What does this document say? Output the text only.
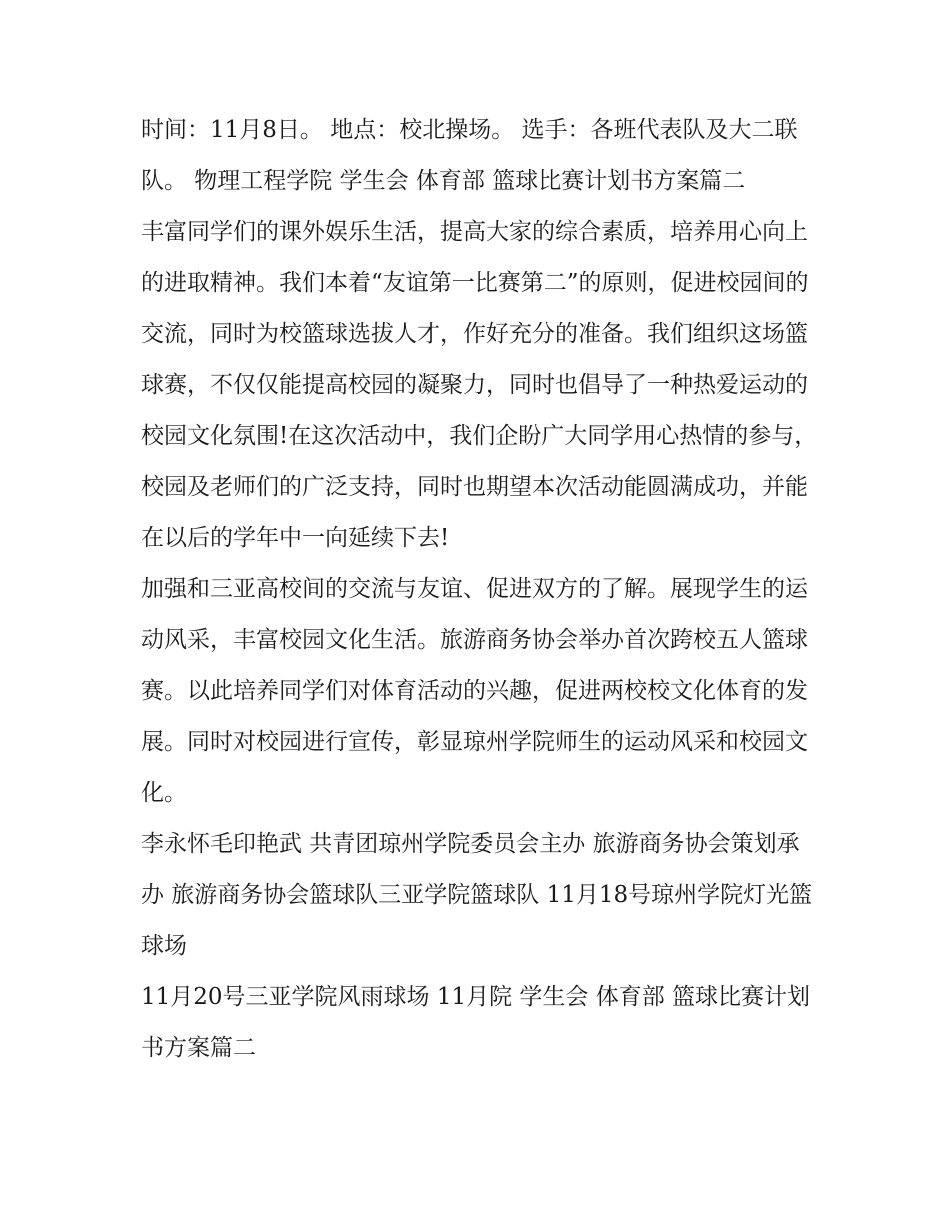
时间：11月8日。 地点：校北操场。 选手：各班代表队及大二联队。 物理工程学院 学生会 体育部 篮球比赛计划书方案篇二

丰富同学们的课外娱乐生活，提高大家的综合素质，培养用心向上的进取精神。我们本着“友谊第一比赛第二”的原则，促进校园间的交流，同时为校篮球选拔人才，作好充分的准备。我们组织这场篮球赛，不仅仅能提高校园的凝聚力，同时也倡导了一种热爱运动的校园文化氛围!在这次活动中，我们企盼广大同学用心热情的参与，校园及老师们的广泛支持，同时也期望本次活动能圆满成功，并能在以后的学年中一向延续下去!

加强和三亚高校间的交流与友谊、促进双方的了解。展现学生的运动风采，丰富校园文化生活。旅游商务协会举办首次跨校五人篮球赛。以此培养同学们对体育活动的兴趣，促进两校校文化体育的发展。同时对校园进行宣传，彰显琼州学院师生的运动风采和校园文化。

李永怀毛印艳武 共青团琼州学院委员会主办 旅游商务协会策划承办 旅游商务协会篮球队三亚学院篮球队 11月18号琼州学院灯光篮球场

11月20号三亚学院风雨球场 11月院 学生会 体育部 篮球比赛计划书方案篇二
